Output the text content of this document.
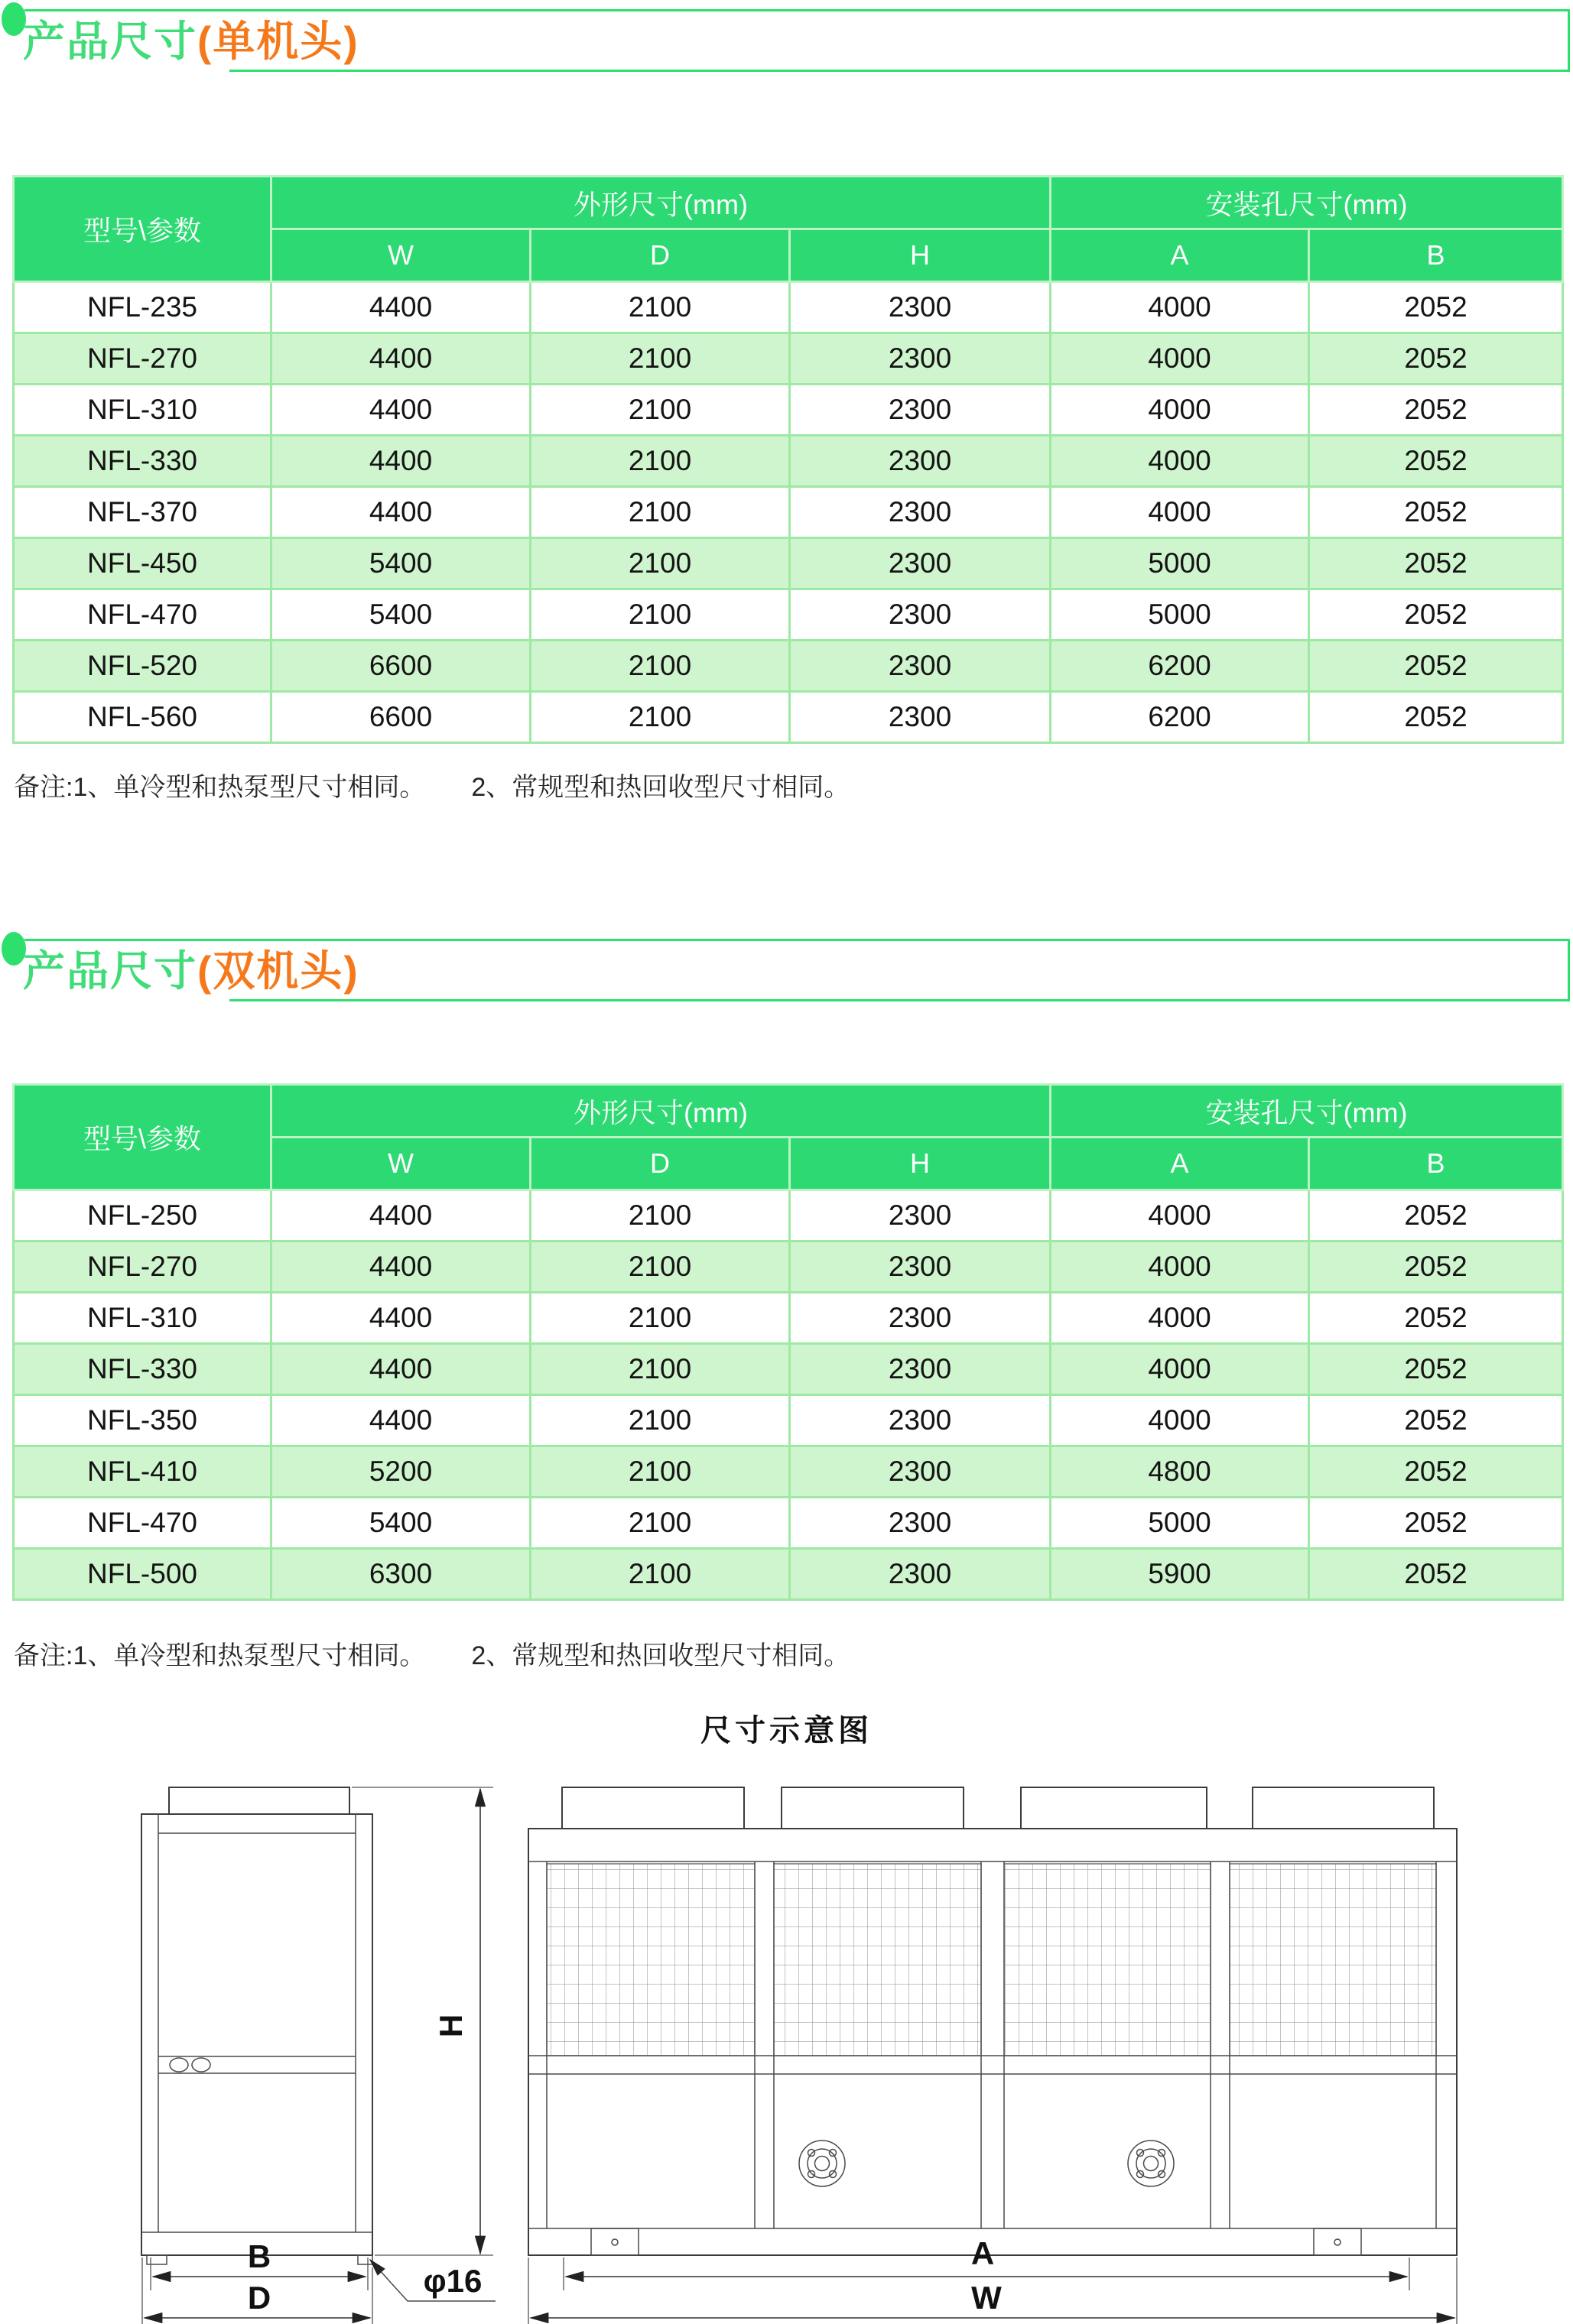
产品尺寸(单机头)
型号\参数	外形尺寸(mm)			安装孔尺寸(mm)	
	W	D	H	A	B
NFL-235	4400	2100	2300	4000	2052
NFL-270	4400	2100	2300	4000	2052
NFL-310	4400	2100	2300	4000	2052
NFL-330	4400	2100	2300	4000	2052
NFL-370	4400	2100	2300	4000	2052
NFL-450	5400	2100	2300	5000	2052
NFL-470	5400	2100	2300	5000	2052
NFL-520	6600	2100	2300	6200	2052
NFL-560	6600	2100	2300	6200	2052

备注:1、单冷型和热泵型尺寸相同。 2、常规型和热回收型尺寸相同。

产品尺寸(双机头)
型号\参数	外形尺寸(mm)			安装孔尺寸(mm)	
	W	D	H	A	B
NFL-250	4400	2100	2300	4000	2052
NFL-270	4400	2100	2300	4000	2052
NFL-310	4400	2100	2300	4000	2052
NFL-330	4400	2100	2300	4000	2052
NFL-350	4400	2100	2300	4000	2052
NFL-410	5200	2100	2300	4800	2052
NFL-470	5400	2100	2300	5000	2052
NFL-500	6300	2100	2300	5900	2052

备注:1、单冷型和热泵型尺寸相同。 2、常规型和热回收型尺寸相同。

尺寸示意图
H
B
D	φ16
A
W
